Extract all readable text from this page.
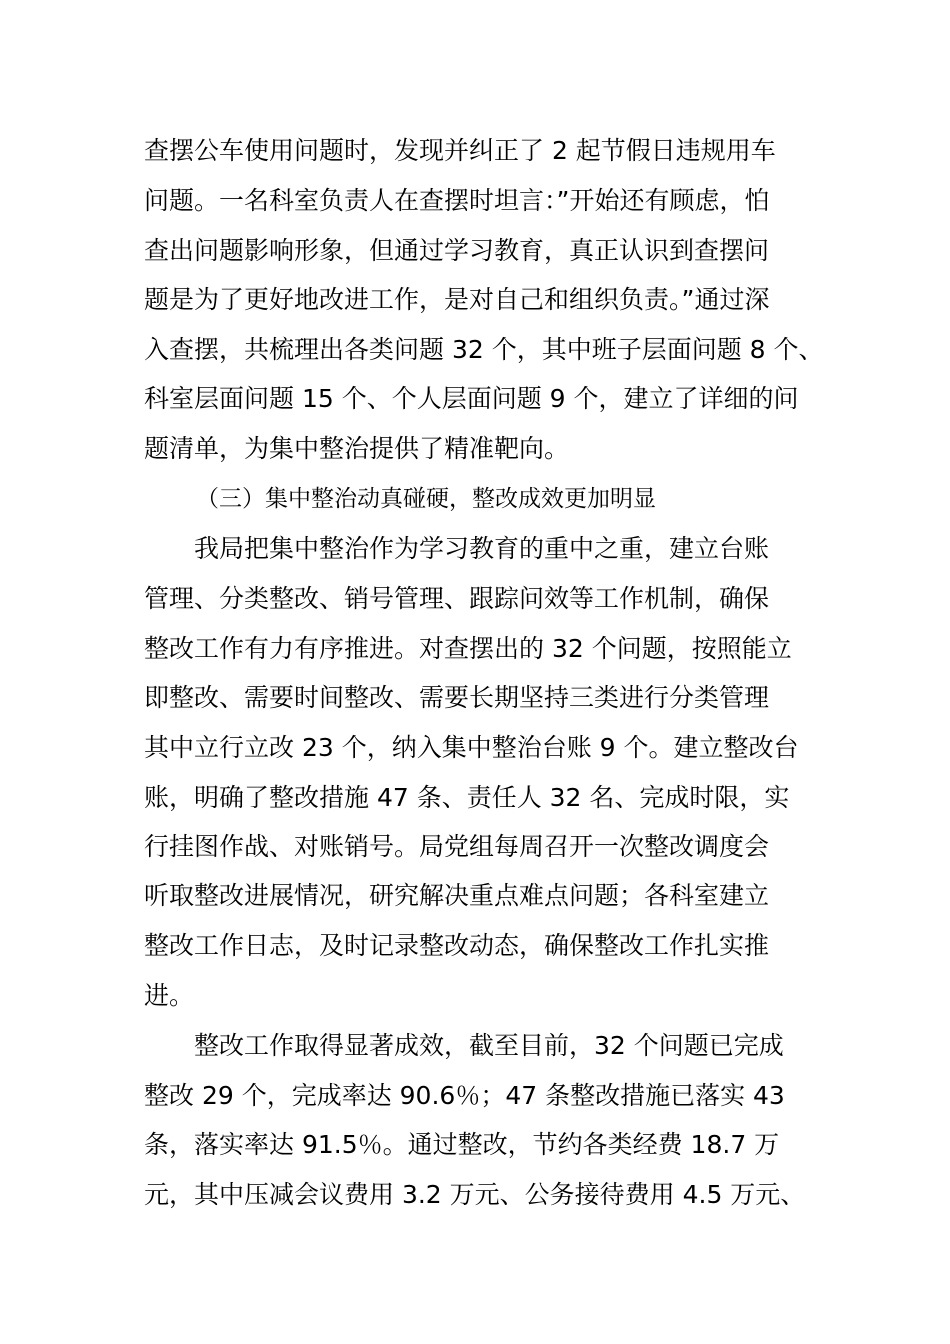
查摆公车使用问题时，发现并纠正了 2 起节假日违规用车
问题。一名科室负责人在查摆时坦言：”开始还有顾虑，怕
查出问题影响形象，但通过学习教育，真正认识到查摆问
题是为了更好地改进工作，是对自己和组织负责。”通过深
入查摆，共梳理出各类问题 32 个，其中班子层面问题 8 个、
科室层面问题 15 个、个人层面问题 9 个，建立了详细的问
题清单，为集中整治提供了精准靶向。
（三）集中整治动真碰硬，整改成效更加明显
我局把集中整治作为学习教育的重中之重，建立台账
管理、分类整改、销号管理、跟踪问效等工作机制，确保
整改工作有力有序推进。对查摆出的 32 个问题，按照能立
即整改、需要时间整改、需要长期坚持三类进行分类管理
其中立行立改 23 个，纳入集中整治台账 9 个。建立整改台
账，明确了整改措施 47 条、责任人 32 名、完成时限，实
行挂图作战、对账销号。局党组每周召开一次整改调度会
听取整改进展情况，研究解决重点难点问题；各科室建立
整改工作日志，及时记录整改动态，确保整改工作扎实推
进。
整改工作取得显著成效，截至目前，32 个问题已完成
整改 29 个，完成率达 90.6％；47 条整改措施已落实 43
条，落实率达 91.5％。通过整改，节约各类经费 18.7 万
元，其中压减会议费用 3.2 万元、公务接待费用 4.5 万元、
